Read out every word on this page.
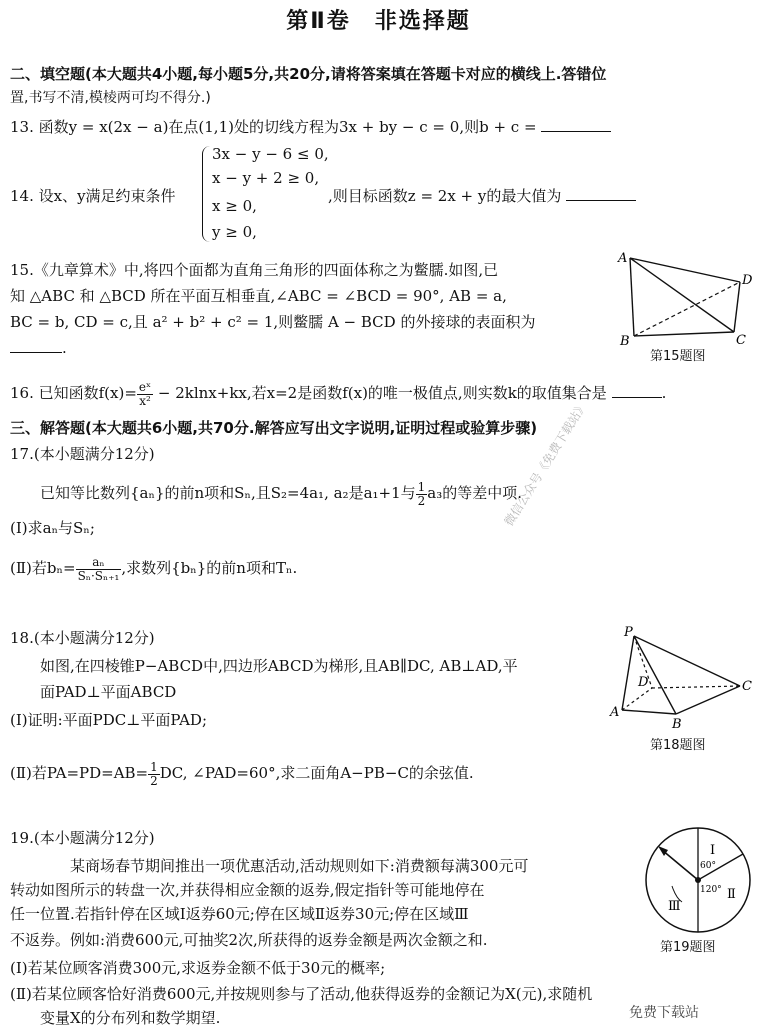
第Ⅱ卷　非选择题
二、填空题(本大题共4小题,每小题5分,共20分,请将答案填在答题卡对应的横线上.答错位
置,书写不清,模棱两可均不得分.)
13. 函数y = x(2x − a)在点(1,1)处的切线方程为3x + by − c = 0,则b + c =
14. 设x、y满足约束条件
3x − y − 6 ≤ 0,
x − y + 2 ≥ 0,
x ≥ 0,
y ≥ 0,
,则目标函数z = 2x + y的最大值为
15.《九章算术》中,将四个面都为直角三角形的四面体称之为鳖臑.如图,已
知 △ABC 和 △BCD 所在平面互相垂直,∠ABC = ∠BCD = 90°, AB = a,
BC = b, CD = c,且 a² + b² + c² = 1,则鳖臑 A − BCD 的外接球的表面积为
.
A
B	C
D
第15题图
16. 已知函数$f(x)= \frac{\text{eˣ}}{\text{x²}} - 2klnx+kx$,若x=2是函数f(x)的唯一极值点,则实数k的取值集合是	.
三、解答题(本大题共6小题,共70分.解答应写出文字说明,证明过程或验算步骤)
17.(本小题满分12分)
已知等比数列{aₙ}的前n项和Sₙ,且S₂=4a₁, a₂是a₁+1与 $\frac{1}{2} a_3$的等差中项.
(Ⅰ)求aₙ与Sₙ;
(Ⅱ)若$b_n= \frac{\text{aₙ}}{\text{Sₙ·Sₙ₊₁}}$ ,求数列{bₙ}的前n项和Tₙ.
18.(本小题满分12分)
如图,在四棱锥P−ABCD中,四边形ABCD为梯形,且AB∥DC, AB⊥AD,平
面PAD⊥平面ABCD
(Ⅰ)证明:平面PDC⊥平面PAD;
(Ⅱ)若$PA=PD=AB= \frac{1}{2}$ DC, ∠PAD=60°,求二面角A−PB−C的余弦值.
P
A
B
C
D
第18题图
19.(本小题满分12分)
某商场春节期间推出一项优惠活动,活动规则如下:消费额每满300元可
转动如图所示的转盘一次,并获得相应金额的返券,假定指针等可能地停在
任一位置.若指针停在区域Ⅰ返券60元;停在区域Ⅱ返券30元;停在区域Ⅲ
不返券。例如:消费600元,可抽奖2次,所获得的返券金额是两次金额之和.
(Ⅰ)若某位顾客消费300元,求返券金额不低于30元的概率;
(Ⅱ)若某位顾客恰好消费600元,并按规则参与了活动,他获得返券的金额记为X(元),求随机
变量X的分布列和数学期望.
Ⅰ
Ⅱ
Ⅲ
60°
120°
第19题图
微信公众号《免费下载站》
免费下载站
